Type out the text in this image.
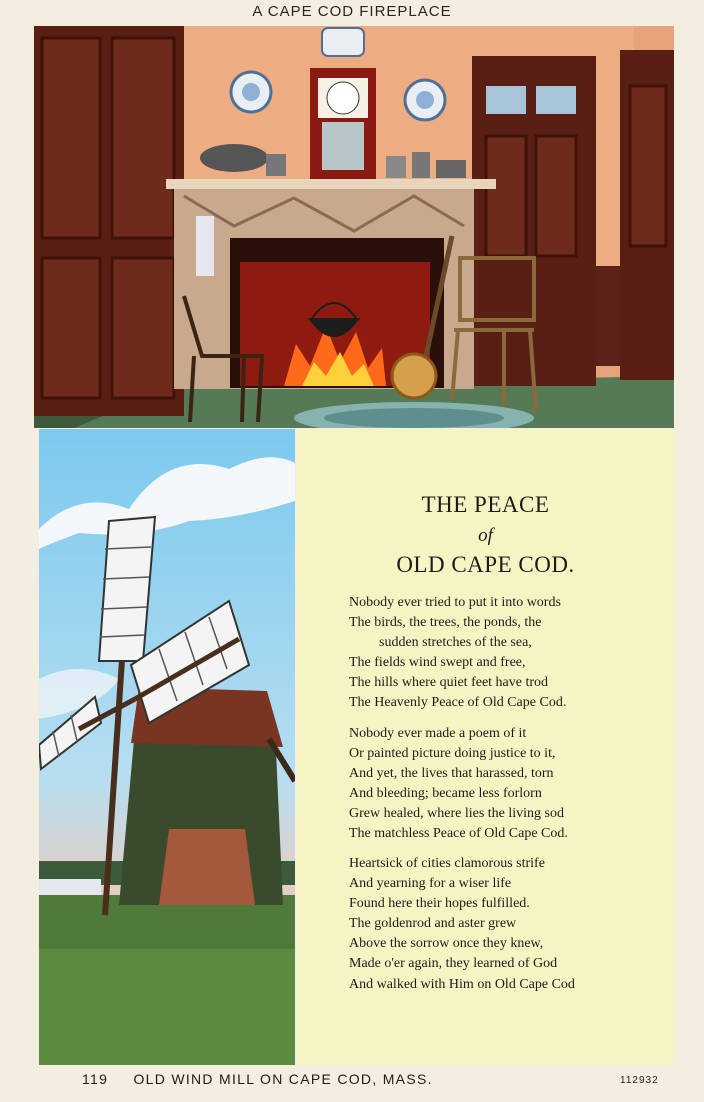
A CAPE COD FIREPLACE
THE PEACE
of
OLD CAPE COD.
Nobody ever tried to put it into words
The birds, the trees, the ponds, the
sudden stretches of the sea,
The fields wind swept and free,
The hills where quiet feet have trod
The Heavenly Peace of Old Cape Cod.
Nobody ever made a poem of it
Or painted picture doing justice to it,
And yet, the lives that harassed, torn
And bleeding; became less forlorn
Grew healed, where lies the living sod
The matchless Peace of Old Cape Cod.
Heartsick of cities clamorous strife
And yearning for a wiser life
Found here their hopes fulfilled.
The goldenrod and aster grew
Above the sorrow once they knew,
Made o'er again, they learned of God
And walked with Him on Old Cape Cod
119 OLD WIND MILL ON CAPE COD, MASS.	112932
